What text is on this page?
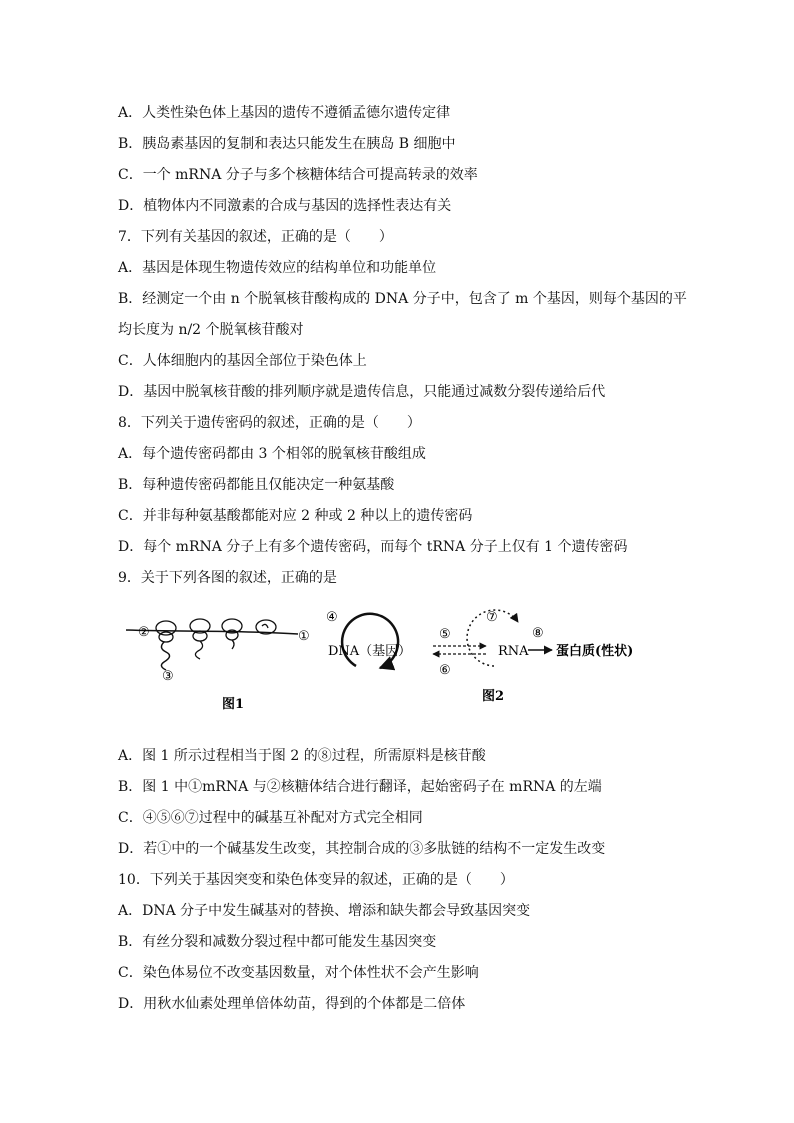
A．人类性染色体上基因的遗传不遵循孟德尔遗传定律
B．胰岛素基因的复制和表达只能发生在胰岛 B 细胞中
C．一个 mRNA 分子与多个核糖体结合可提高转录的效率
D．植物体内不同激素的合成与基因的选择性表达有关
7．下列有关基因的叙述，正确的是（　　）
A．基因是体现生物遗传效应的结构单位和功能单位
B．经测定一个由 n 个脱氧核苷酸构成的 DNA 分子中，包含了 m 个基因，则每个基因的平
均长度为 n/2 个脱氧核苷酸对
C．人体细胞内的基因全部位于染色体上
D．基因中脱氧核苷酸的排列顺序就是遗传信息，只能通过减数分裂传递给后代
8．下列关于遗传密码的叙述，正确的是（　　）
A．每个遗传密码都由 3 个相邻的脱氧核苷酸组成
B．每种遗传密码都能且仅能决定一种氨基酸
C．并非每种氨基酸都能对应 2 种或 2 种以上的遗传密码
D．每个 mRNA 分子上有多个遗传密码，而每个 tRNA 分子上仅有 1 个遗传密码
9．关于下列各图的叙述，正确的是
A．图 1 所示过程相当于图 2 的⑧过程，所需原料是核苷酸
B．图 1 中①mRNA 与②核糖体结合进行翻译，起始密码子在 mRNA 的左端
C．④⑤⑥⑦过程中的碱基互补配对方式完全相同
D．若①中的一个碱基发生改变，其控制合成的③多肽链的结构不一定发生改变
10．下列关于基因突变和染色体变异的叙述，正确的是（　　）
A．DNA 分子中发生碱基对的替换、增添和缺失都会导致基因突变
B．有丝分裂和减数分裂过程中都可能发生基因突变
C．染色体易位不改变基因数量，对个体性状不会产生影响
D．用秋水仙素处理单倍体幼苗，得到的个体都是二倍体
②
③
①
图1
④
DNA（基因）
⑤
⑥
⑦
RNA
⑧
蛋白质(性状)
图2
